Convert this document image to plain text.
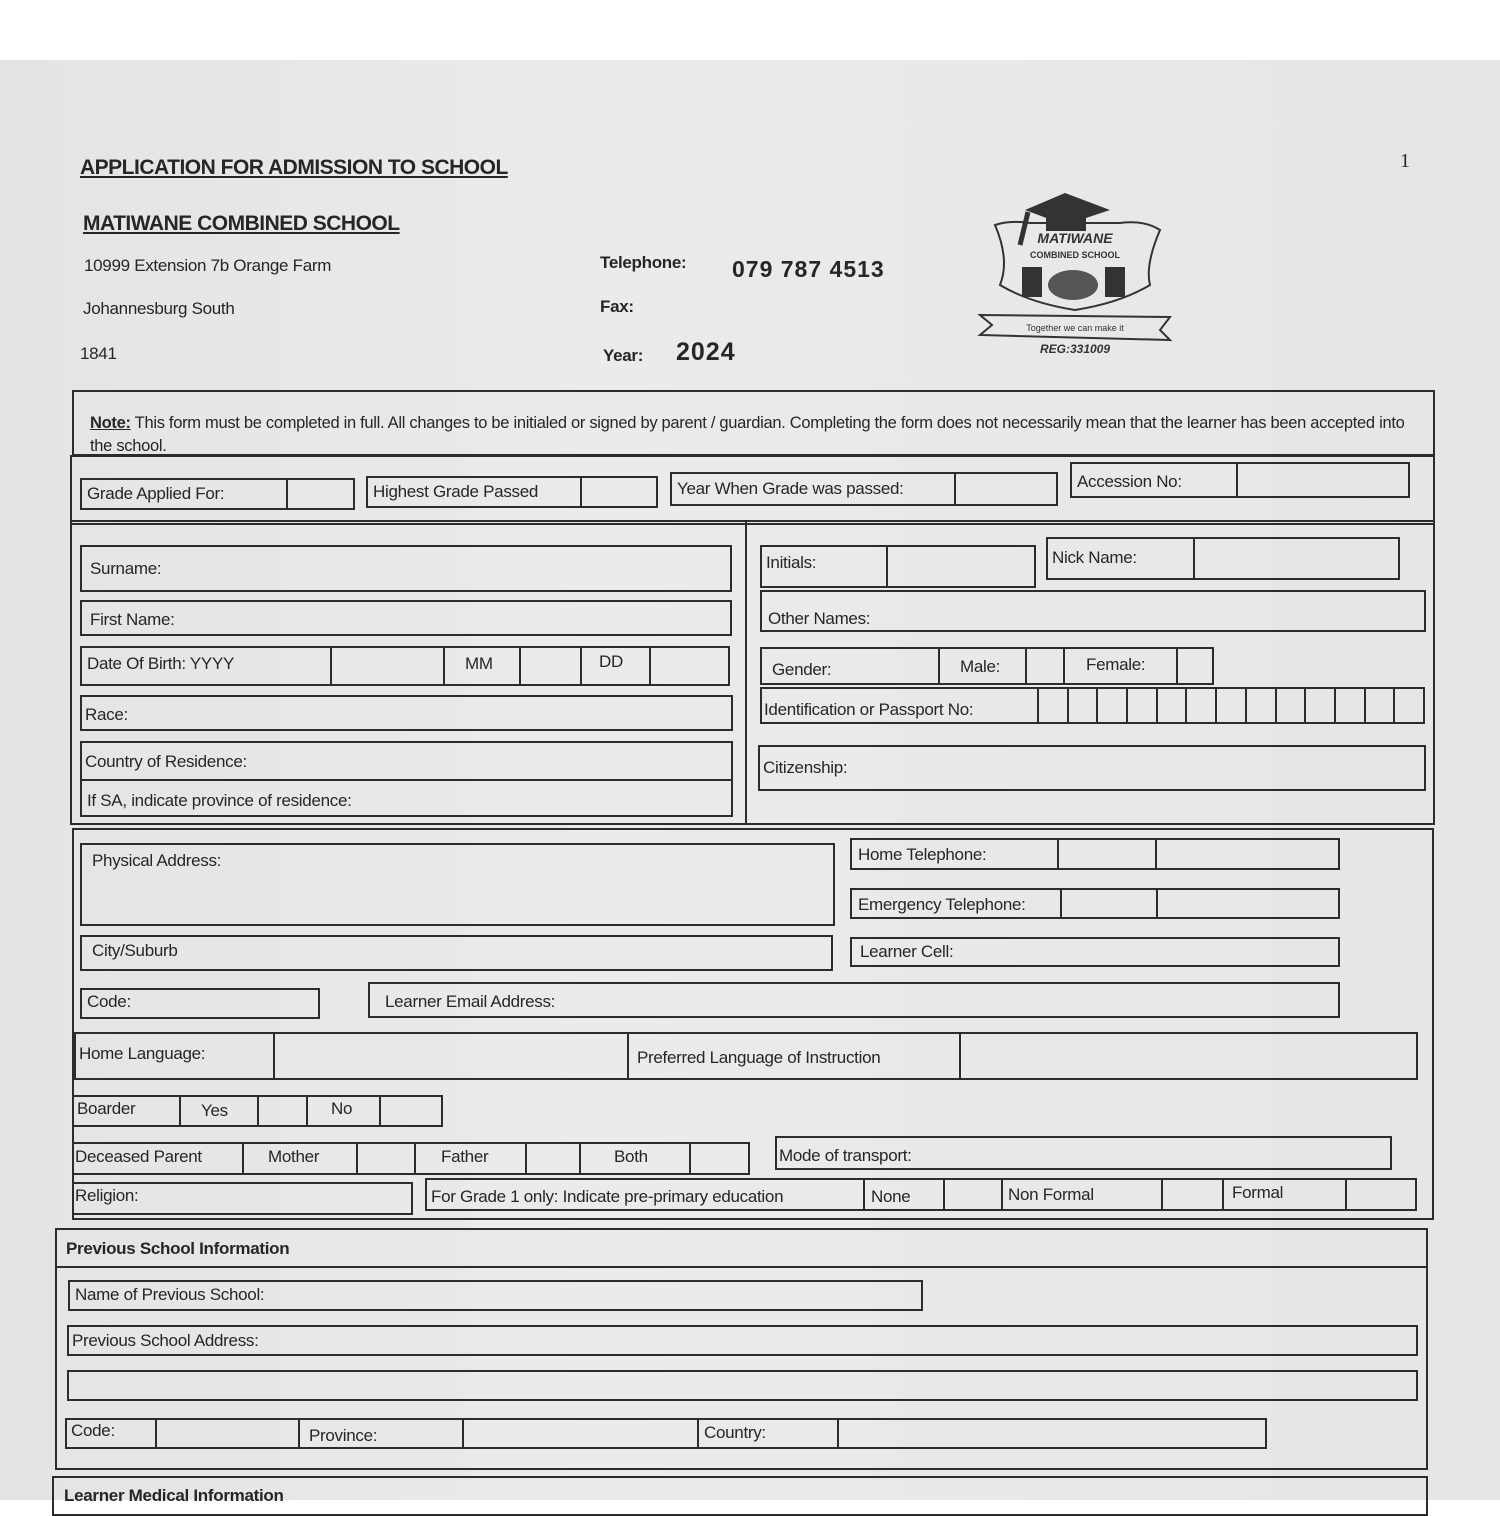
APPLICATION FOR ADMISSION TO SCHOOL
MATIWANE COMBINED SCHOOL
10999 Extension 7b Orange Farm
Johannesburg South
1841
Telephone: 079 787 4513
Fax:
Year: 2024
1
MATIWANE
COMBINED SCHOOL
Together we can make it
REG:331009
Note: This form must be completed in full. All changes to be initialed or signed by parent / guardian. Completing the form does not necessarily mean that the learner has been accepted into the school.
Grade Applied For:	Highest Grade Passed	Year When Grade was passed:	Accession No:
Surname:
First Name:
Date Of Birth: YYYY	MM	DD
Race:
Country of Residence:
If SA, indicate province of residence:
Initials:	Nick Name:
Other Names:
Gender:	Male:	Female:
Identification or Passport No:
Citizenship:
Physical Address:
City/Suburb
Home Telephone:
Emergency Telephone:
Learner Cell:
Code:	Learner Email Address:
Home Language:	Preferred Language of Instruction
Boarder	Yes	No
Deceased Parent	Mother	Father	Both	Mode of transport:
Religion:	For Grade 1 only: Indicate pre-primary education	None	Non Formal	Formal
Previous School Information
Name of Previous School:
Previous School Address:
Code:	Province:	Country:
Learner Medical Information
